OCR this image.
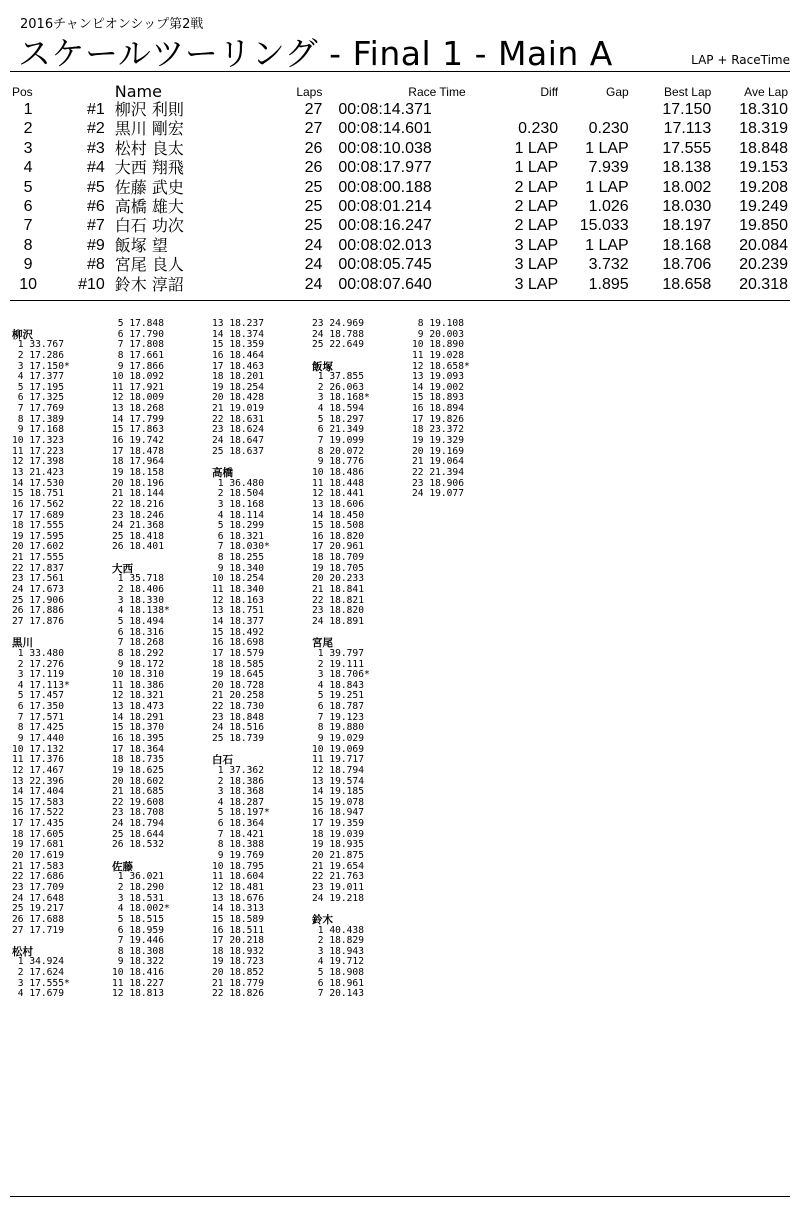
2016チャンピオンシップ第2戦
スケールツーリング - Final 1 - Main A	LAP + RaceTime
Pos		Name	Laps	Race Time	Diff	Gap	Best Lap	Ave Lap
1	#1	柳沢 利則	27	00:08:14.371			17.150	18.310
2	#2	黒川 剛宏	27	00:08:14.601	0.230	0.230	17.113	18.319
3	#3	松村 良太	26	00:08:10.038	1 LAP	1 LAP	17.555	18.848
4	#4	大西 翔飛	26	00:08:17.977	1 LAP	7.939	18.138	19.153
5	#5	佐藤 武史	25	00:08:00.188	2 LAP	1 LAP	18.002	19.208
6	#6	高橋 雄大	25	00:08:01.214	2 LAP	1.026	18.030	19.249
7	#7	白石 功次	25	00:08:16.247	2 LAP	15.033	18.197	19.850
8	#9	飯塚 望	24	00:08:02.013	3 LAP	1 LAP	18.168	20.084
9	#8	宮尾 良人	24	00:08:05.745	3 LAP	3.732	18.706	20.239
10	#10	鈴木 淳詔	24	00:08:07.640	3 LAP	1.895	18.658	20.318
柳沢
1 33.767
2 17.286
3 17.150*
4 17.377
5 17.195
6 17.325
7 17.769
8 17.389
9 17.168
10 17.323
11 17.223
12 17.398
13 21.423
14 17.530
15 18.751
16 17.562
17 17.689
18 17.555
19 17.595
20 17.602
21 17.555
22 17.837
23 17.561
24 17.673
25 17.906
26 17.886
27 17.876
黒川
1 33.480
2 17.276
3 17.119
4 17.113*
5 17.457
6 17.350
7 17.571
8 17.425
9 17.440
10 17.132
11 17.376
12 17.467
13 22.396
14 17.404
15 17.583
16 17.522
17 17.435
18 17.605
19 17.681
20 17.619
21 17.583
22 17.686
23 17.709
24 17.648
25 19.217
26 17.688
27 17.719
松村
1 34.924
2 17.624
3 17.555*
4 17.679
5 17.848
6 17.790
7 17.808
8 17.661
9 17.866
10 18.092
11 17.921
12 18.009
13 18.268
14 17.799
15 17.863
16 19.742
17 18.478
18 17.964
19 18.158
20 18.196
21 18.144
22 18.216
23 18.246
24 21.368
25 18.418
26 18.401
大西
1 35.718
2 18.406
3 18.330
4 18.138*
5 18.494
6 18.316
7 18.268
8 18.292
9 18.172
10 18.310
11 18.386
12 18.321
13 18.473
14 18.291
15 18.370
16 18.395
17 18.364
18 18.735
19 18.625
20 18.602
21 18.685
22 19.608
23 18.708
24 18.794
25 18.644
26 18.532
佐藤
1 36.021
2 18.290
3 18.531
4 18.002*
5 18.515
6 18.959
7 19.446
8 18.308
9 18.322
10 18.416
11 18.227
12 18.813
13 18.237
14 18.374
15 18.359
16 18.464
17 18.463
18 18.201
19 18.254
20 18.428
21 19.019
22 18.631
23 18.624
24 18.647
25 18.637
高橋
1 36.480
2 18.504
3 18.168
4 18.114
5 18.299
6 18.321
7 18.030*
8 18.255
9 18.340
10 18.254
11 18.340
12 18.163
13 18.751
14 18.377
15 18.492
16 18.698
17 18.579
18 18.585
19 18.645
20 18.728
21 20.258
22 18.730
23 18.848
24 18.516
25 18.739
白石
1 37.362
2 18.386
3 18.368
4 18.287
5 18.197*
6 18.364
7 18.421
8 18.388
9 19.769
10 18.795
11 18.604
12 18.481
13 18.676
14 18.313
15 18.589
16 18.511
17 20.218
18 18.932
19 18.723
20 18.852
21 18.779
22 18.826
23 24.969
24 18.788
25 22.649
飯塚
1 37.855
2 26.063
3 18.168*
4 18.594
5 18.297
6 21.349
7 19.099
8 20.072
9 18.776
10 18.486
11 18.448
12 18.441
13 18.606
14 18.450
15 18.508
16 18.820
17 20.961
18 18.709
19 18.705
20 20.233
21 18.841
22 18.821
23 18.820
24 18.891
宮尾
1 39.797
2 19.111
3 18.706*
4 18.843
5 19.251
6 18.787
7 19.123
8 19.880
9 19.029
10 19.069
11 19.717
12 18.794
13 19.574
14 19.185
15 19.078
16 18.947
17 19.359
18 19.039
19 18.935
20 21.875
21 19.654
22 21.763
23 19.011
24 19.218
鈴木
1 40.438
2 18.829
3 18.943
4 19.712
5 18.908
6 18.961
7 20.143
8 19.108
9 20.003
10 18.890
11 19.028
12 18.658*
13 19.093
14 19.002
15 18.893
16 18.894
17 19.826
18 23.372
19 19.329
20 19.169
21 19.064
22 21.394
23 18.906
24 19.077
